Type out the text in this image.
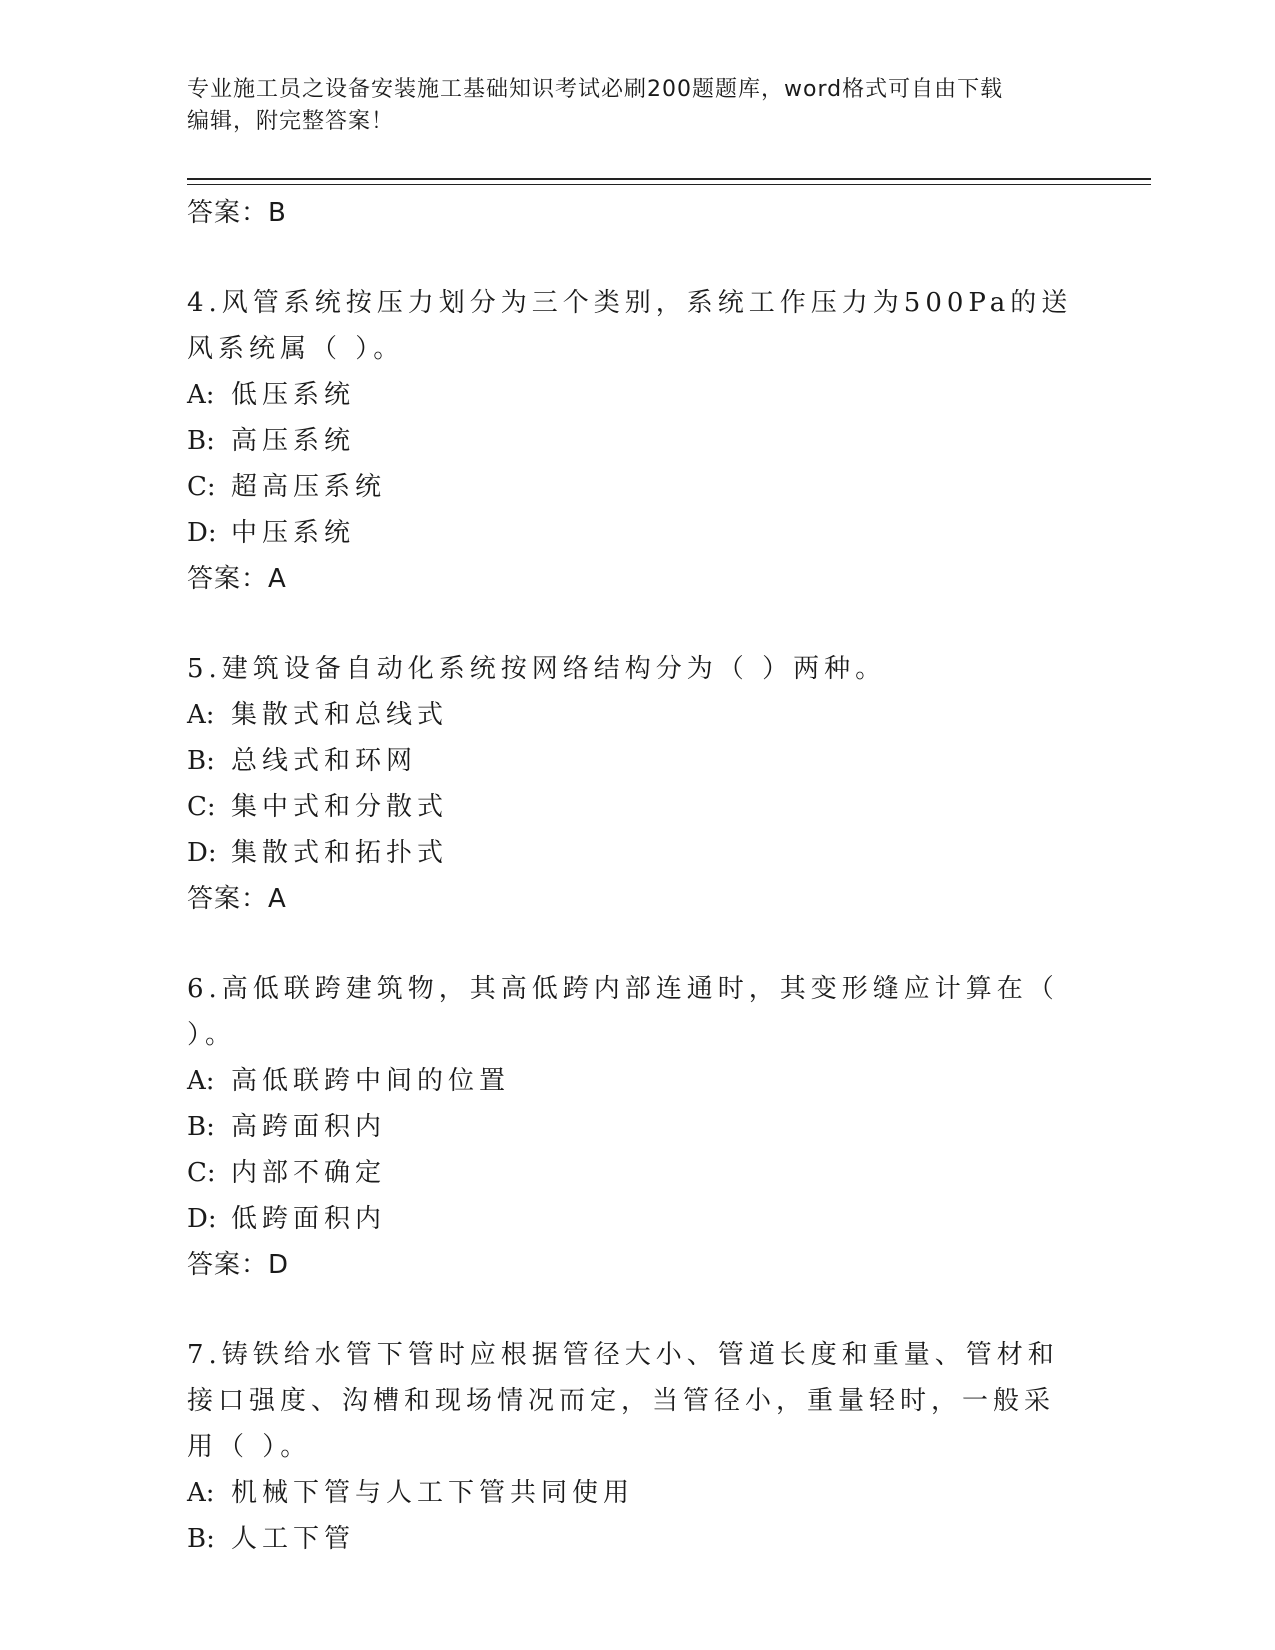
专业施工员之设备安装施工基础知识考试必刷200题题库，word格式可自由下载
编辑，附完整答案！
答案：B
4.风管系统按压力划分为三个类别，系统工作压力为500Pa的送风系统属（ ）。
A: 低压系统
B: 高压系统
C: 超高压系统
D: 中压系统
答案：A
5.建筑设备自动化系统按网络结构分为（ ）两种。
A: 集散式和总线式
B: 总线式和环网
C: 集中式和分散式
D: 集散式和拓扑式
答案：A
6.高低联跨建筑物，其高低跨内部连通时，其变形缝应计算在（ ）。
A: 高低联跨中间的位置
B: 高跨面积内
C: 内部不确定
D: 低跨面积内
答案：D
7.铸铁给水管下管时应根据管径大小、管道长度和重量、管材和接口强度、沟槽和现场情况而定，当管径小，重量轻时，一般采用（ ）。
A: 机械下管与人工下管共同使用
B: 人工下管
